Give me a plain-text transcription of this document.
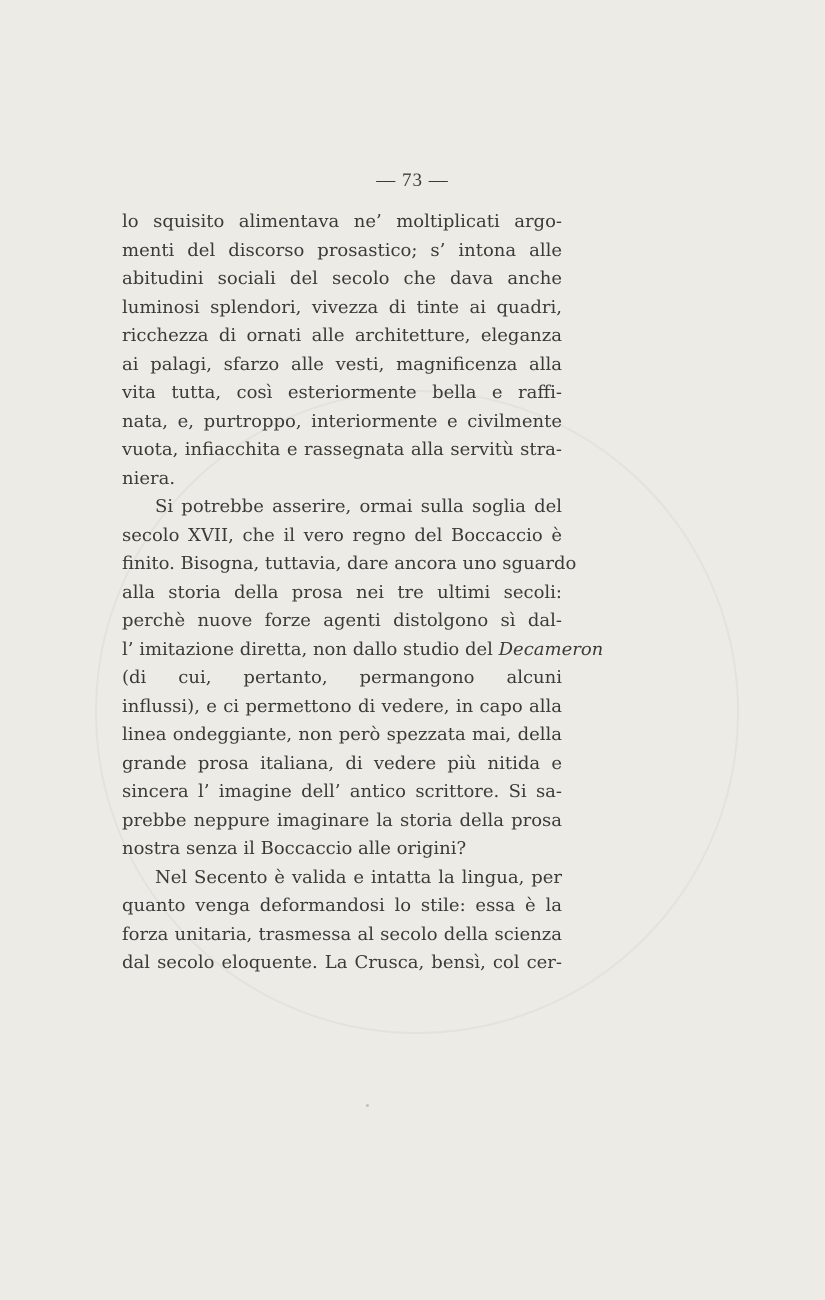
— 73 —
lo squisito alimentava ne’ moltiplicati argo-
menti del discorso prosastico; s’ intona alle
abitudini sociali del secolo che dava anche
luminosi splendori, vivezza di tinte ai quadri,
ricchezza di ornati alle architetture, eleganza
ai palagi, sfarzo alle vesti, magnificenza alla
vita tutta, così esteriormente bella e raffi-
nata, e, purtroppo, interiormente e civilmente
vuota, infiacchita e rassegnata alla servitù stra-
niera.
Si potrebbe asserire, ormai sulla soglia del
secolo XVII, che il vero regno del Boccaccio è
finito. Bisogna, tuttavia, dare ancora uno sguardo
alla storia della prosa nei tre ultimi secoli:
perchè nuove forze agenti distolgono sì dal-
l’ imitazione diretta, non dallo studio del Decameron
(di cui, pertanto, permangono alcuni
influssi), e ci permettono di vedere, in capo alla
linea ondeggiante, non però spezzata mai, della
grande prosa italiana, di vedere più nitida e
sincera l’ imagine dell’ antico scrittore. Si sa-
prebbe neppure imaginare la storia della prosa
nostra senza il Boccaccio alle origini?
Nel Secento è valida e intatta la lingua, per
quanto venga deformandosi lo stile: essa è la
forza unitaria, trasmessa al secolo della scienza
dal secolo eloquente. La Crusca, bensì, col cer-
